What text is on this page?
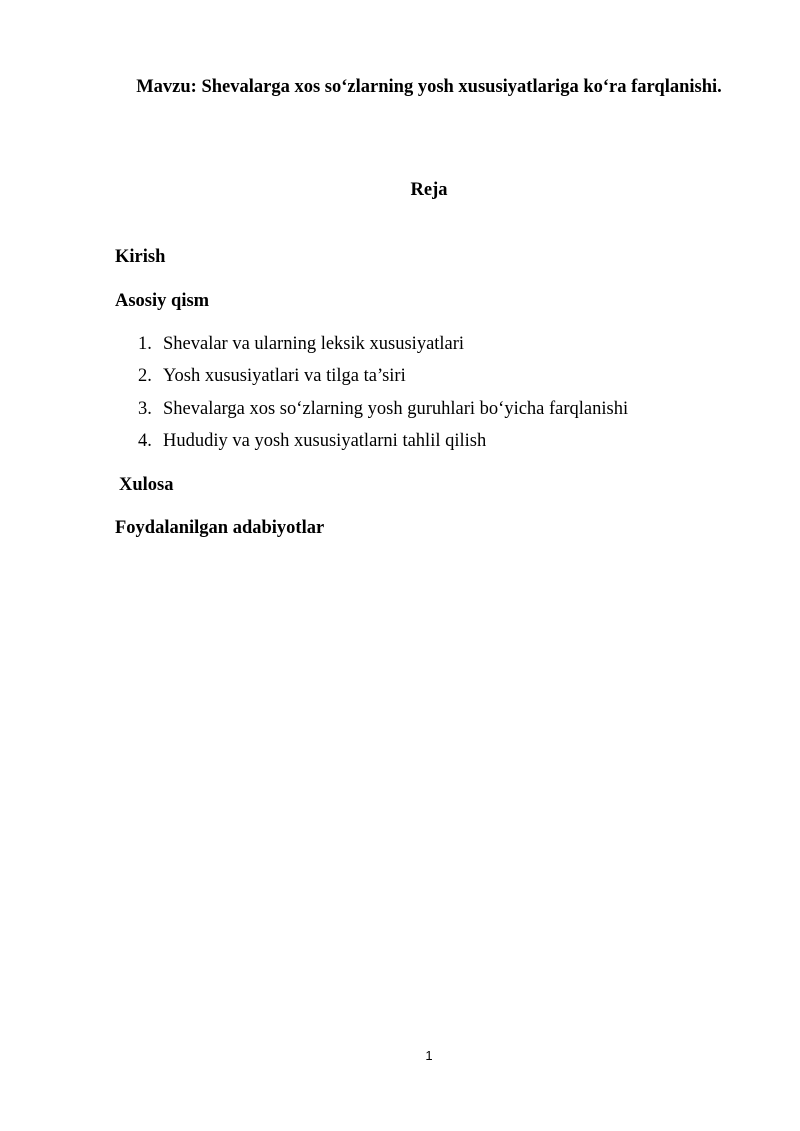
Mavzu: Shevalarga xos so‘zlarning yosh xususiyatlariga ko‘ra farqlanishi.
Reja
Kirish
Asosiy qism
1. Shevalar va ularning leksik xususiyatlari
2. Yosh xususiyatlari va tilga ta’siri
3. Shevalarga xos so‘zlarning yosh guruhlari bo‘yicha farqlanishi
4. Hududiy va yosh xususiyatlarni tahlil qilish
Xulosa
Foydalanilgan adabiyotlar
1
